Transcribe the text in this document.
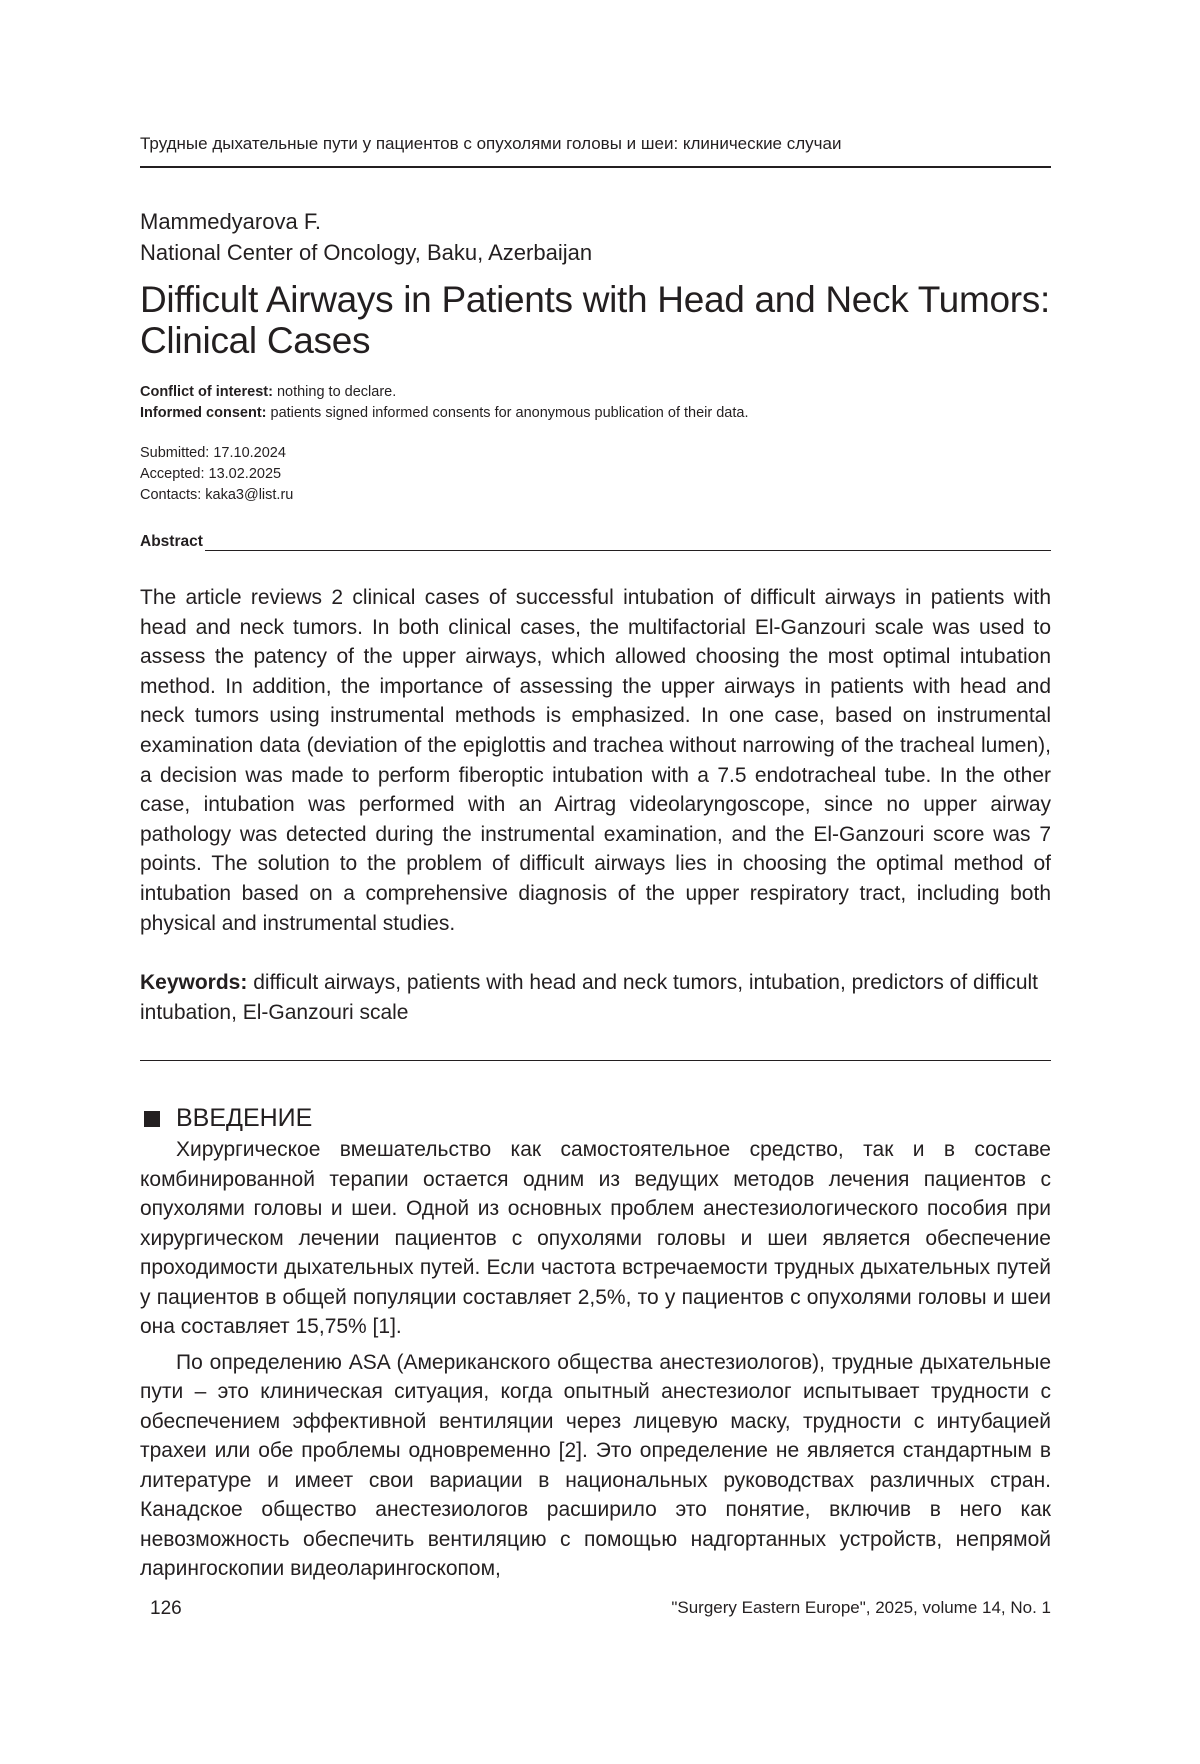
Трудные дыхательные пути у пациентов с опухолями головы и шеи: клинические случаи
Mammedyarova F.
National Center of Oncology, Baku, Azerbaijan
Difficult Airways in Patients with Head and Neck Tumors: Clinical Cases
Conflict of interest: nothing to declare.
Informed consent: patients signed informed consents for anonymous publication of their data.
Submitted: 17.10.2024
Accepted: 13.02.2025
Contacts: kaka3@list.ru
Abstract

The article reviews 2 clinical cases of successful intubation of difficult airways in patients with head and neck tumors. In both clinical cases, the multifactorial El-Ganzouri scale was used to assess the patency of the upper airways, which allowed choosing the most optimal intubation method. In addition, the importance of assessing the upper airways in patients with head and neck tumors using instrumental methods is emphasized. In one case, based on instrumental examination data (deviation of the epiglottis and trachea without narrowing of the tracheal lumen), a decision was made to perform fiberoptic intubation with a 7.5 endotracheal tube. In the other case, intubation was performed with an Airtrag videolaryngoscope, since no upper airway pathology was detected during the instrumental examination, and the El-Ganzouri score was 7 points. The solution to the problem of difficult airways lies in choosing the optimal method of intubation based on a comprehensive diagnosis of the upper respiratory tract, including both physical and instrumental studies.

Keywords: difficult airways, patients with head and neck tumors, intubation, predictors of difficult intubation, El-Ganzouri scale

ВВЕДЕНИЕ

Хирургическое вмешательство как самостоятельное средство, так и в составе комбинированной терапии остается одним из ведущих методов лечения пациентов с опухолями головы и шеи. Одной из основных проблем анестезиологического пособия при хирургическом лечении пациентов с опухолями головы и шеи является обеспечение проходимости дыхательных путей. Если частота встречаемости трудных дыхательных путей у пациентов в общей популяции составляет 2,5%, то у пациентов с опухолями головы и шеи она составляет 15,75% [1].

По определению ASA (Американского общества анестезиологов), трудные дыхательные пути – это клиническая ситуация, когда опытный анестезиолог испытывает трудности с обеспечением эффективной вентиляции через лицевую маску, трудности с интубацией трахеи или обе проблемы одновременно [2]. Это определение не является стандартным в литературе и имеет свои вариации в национальных руководствах различных стран. Канадское общество анестезиологов расширило это понятие, включив в него как невозможность обеспечить вентиляцию с помощью надгортанных устройств, непрямой ларингоскопии видеоларингоскопом,

126	"Surgery Eastern Europe", 2025, volume 14, No. 1
